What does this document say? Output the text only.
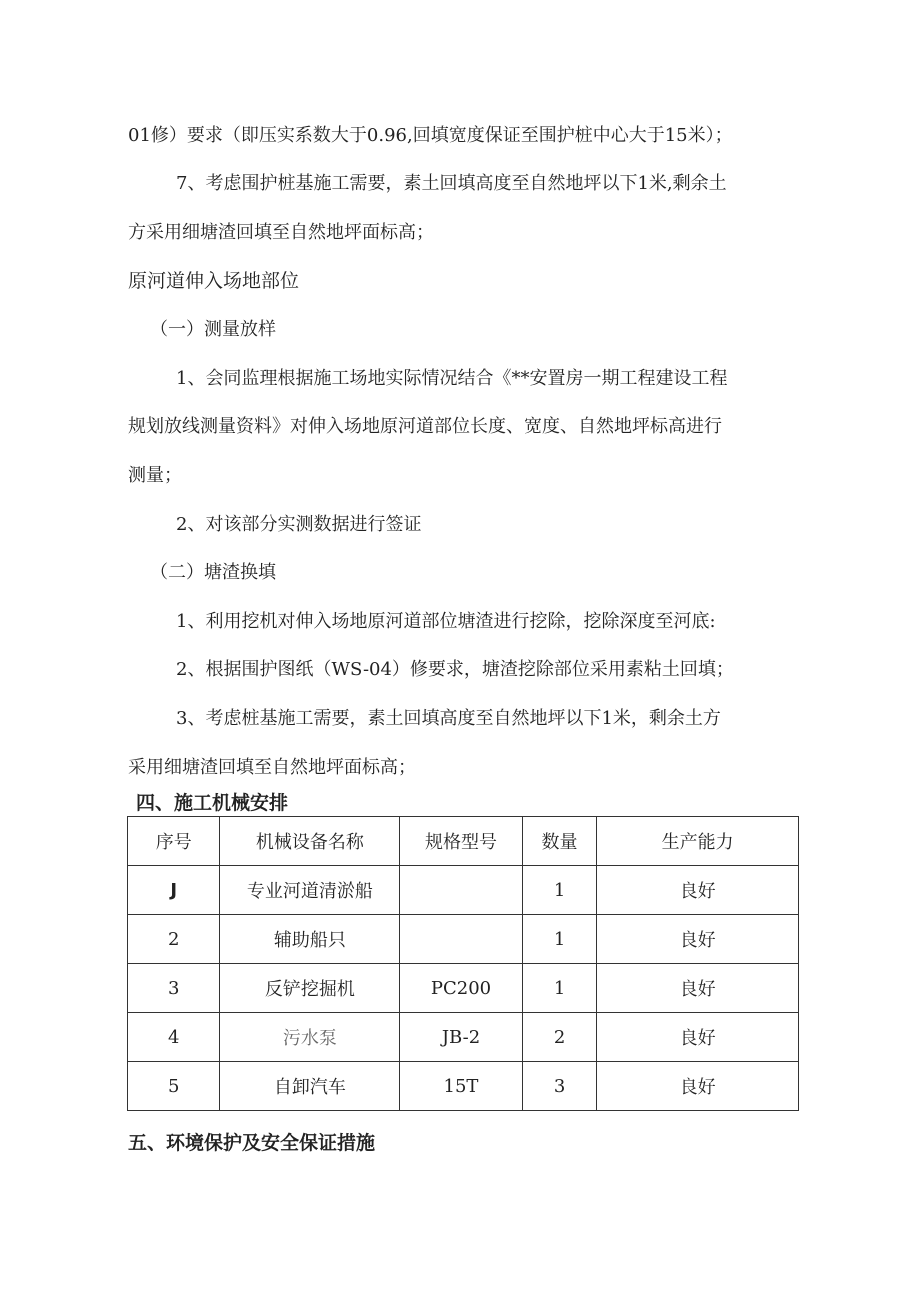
01修）要求（即压实系数大于0.96,回填宽度保证至围护桩中心大于15米）；
7、考虑围护桩基施工需要，素土回填高度至自然地坪以下1米,剩余土
方采用细塘渣回填至自然地坪面标高；
原河道伸入场地部位
（一）测量放样
1、会同监理根据施工场地实际情况结合《**安置房一期工程建设工程
规划放线测量资料》对伸入场地原河道部位长度、宽度、自然地坪标高进行
测量；
2、对该部分实测数据进行签证
（二）塘渣换填
1、利用挖机对伸入场地原河道部位塘渣进行挖除，挖除深度至河底:
2、根据围护图纸（WS-04）修要求，塘渣挖除部位采用素粘土回填；
3、考虑桩基施工需要，素土回填高度至自然地坪以下1米，剩余土方
采用细塘渣回填至自然地坪面标高；
四、施工机械安排
序号	机械设备名称	规格型号	数量	生产能力
J	专业河道清淤船		1	良好
2	辅助船只		1	良好
3	反铲挖掘机	PC200	1	良好
4	污水泵	JB-2	2	良好
5	自卸汽车	15T	3	良好
五、环境保护及安全保证措施
